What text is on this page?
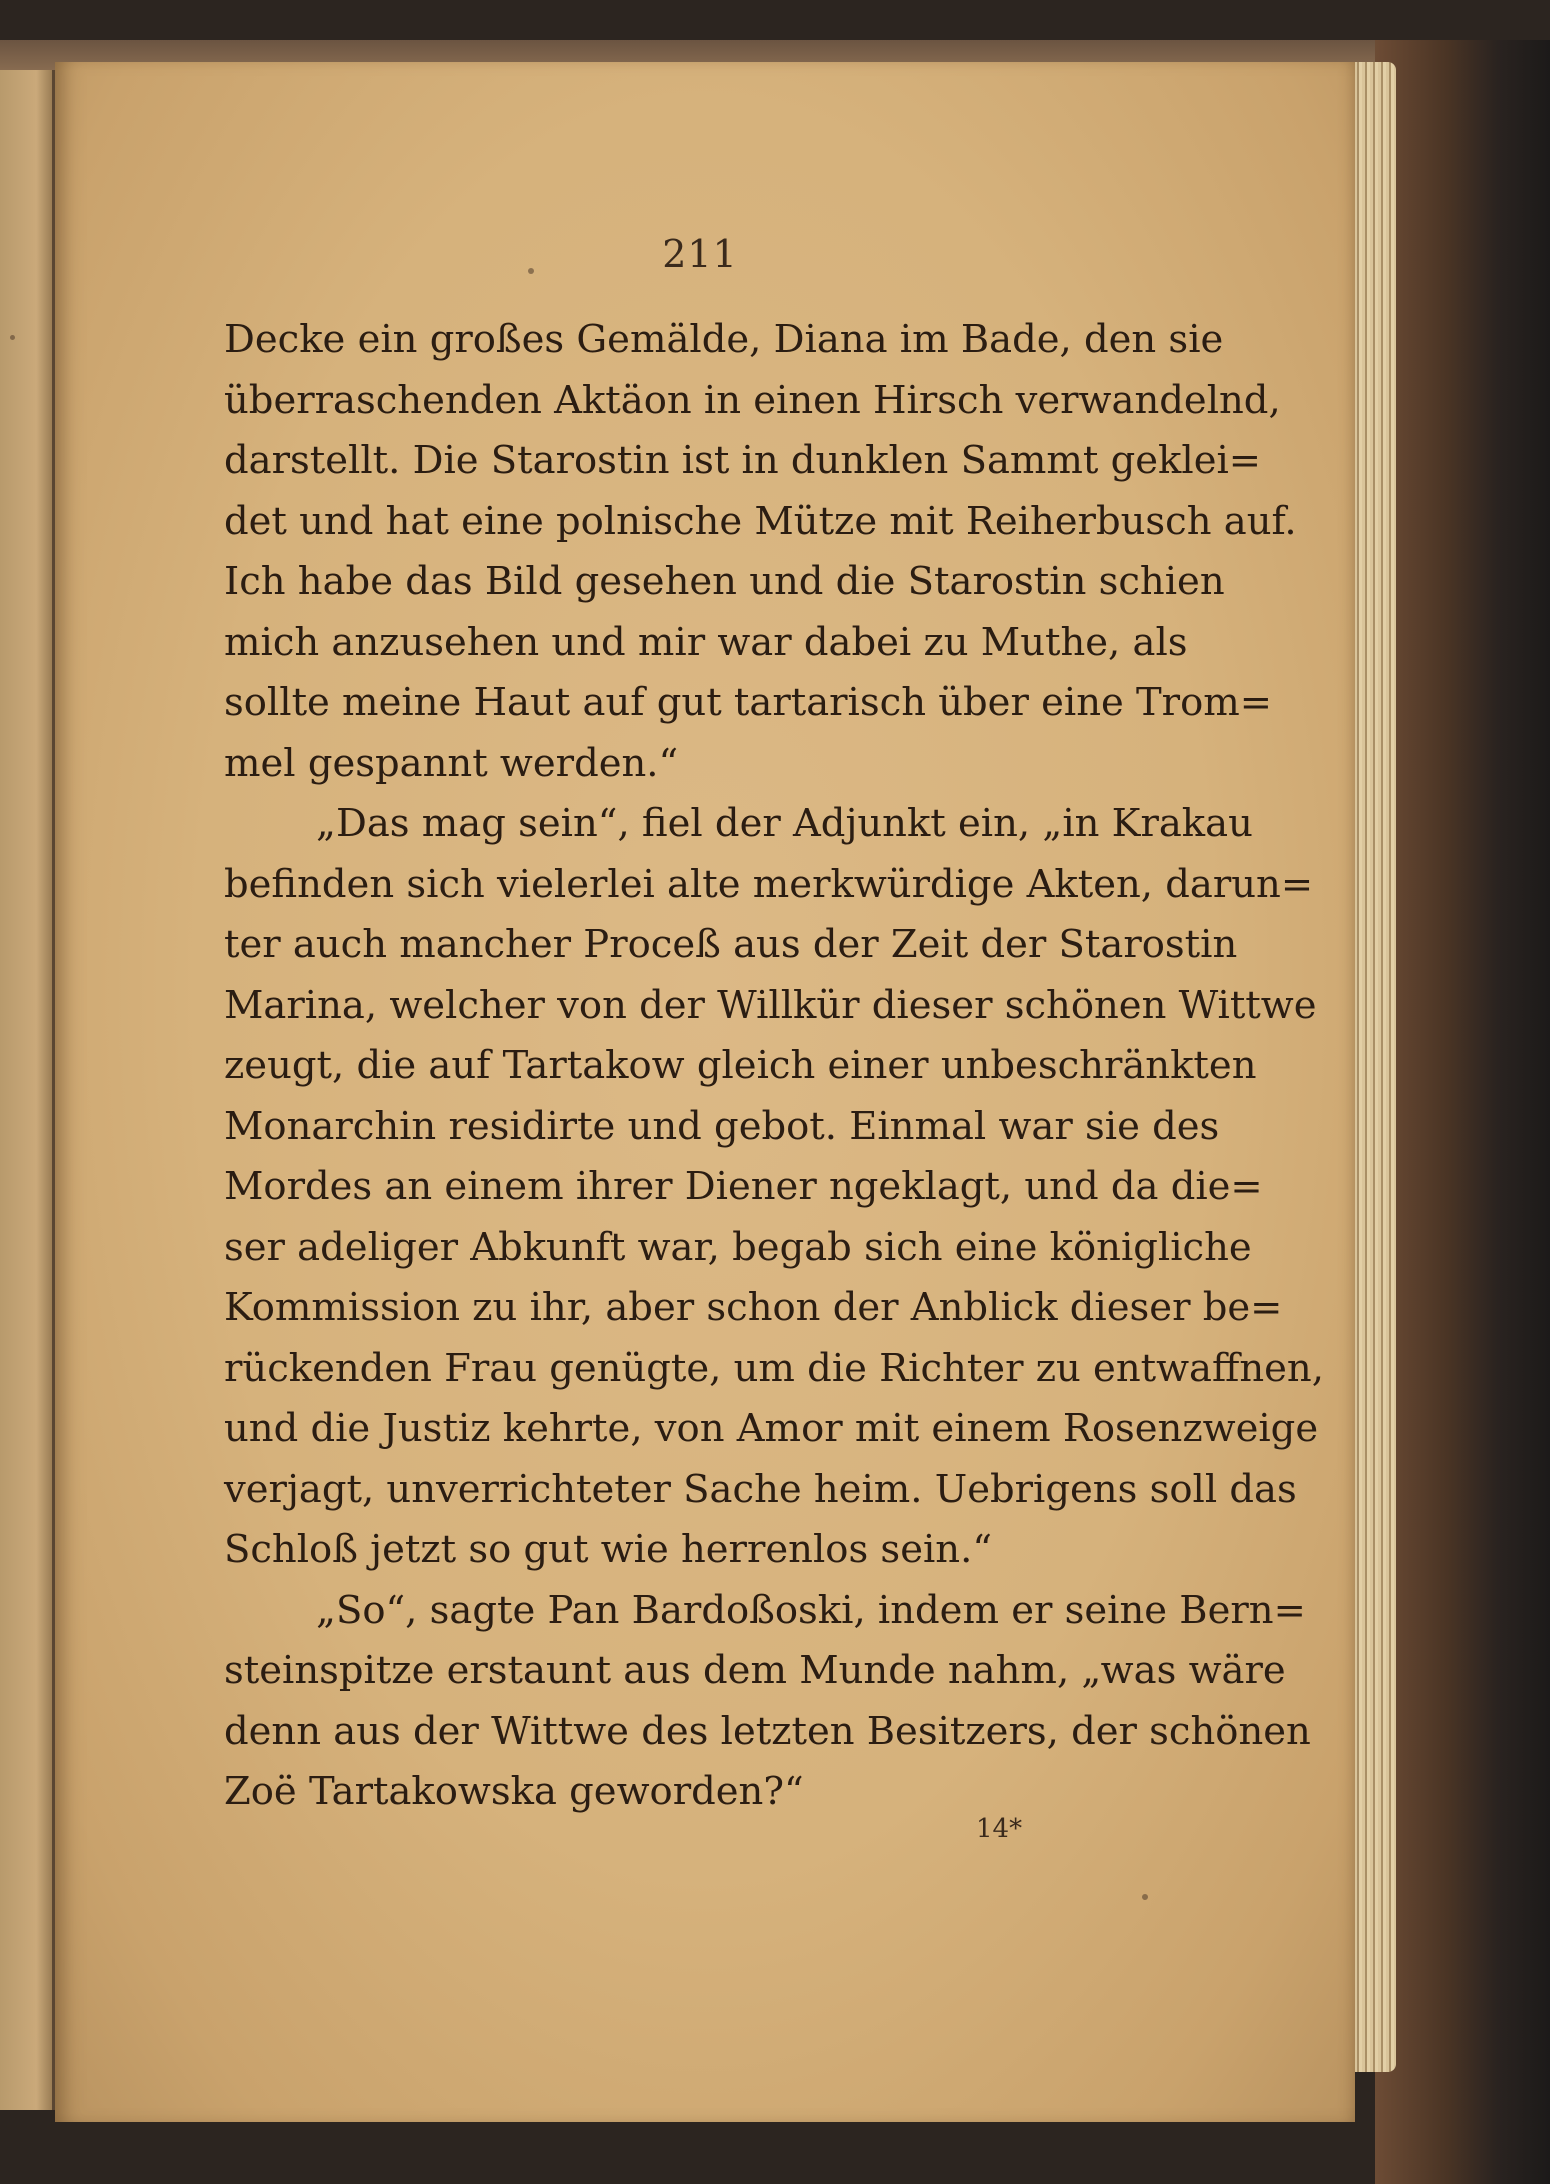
211
Decke ein großes Gemälde, Diana im Bade, den sie
überraschenden Aktäon in einen Hirsch verwandelnd,
darstellt. Die Starostin ist in dunklen Sammt geklei=
det und hat eine polnische Mütze mit Reiherbusch auf.
Ich habe das Bild gesehen und die Starostin schien
mich anzusehen und mir war dabei zu Muthe, als
sollte meine Haut auf gut tartarisch über eine Trom=
mel gespannt werden.“
„Das mag sein“, fiel der Adjunkt ein, „in Krakau
befinden sich vielerlei alte merkwürdige Akten, darun=
ter auch mancher Proceß aus der Zeit der Starostin
Marina, welcher von der Willkür dieser schönen Wittwe
zeugt, die auf Tartakow gleich einer unbeschränkten
Monarchin residirte und gebot. Einmal war sie des
Mordes an einem ihrer Diener ngeklagt, und da die=
ser adeliger Abkunft war, begab sich eine königliche
Kommission zu ihr, aber schon der Anblick dieser be=
rückenden Frau genügte, um die Richter zu entwaffnen,
und die Justiz kehrte, von Amor mit einem Rosenzweige
verjagt, unverrichteter Sache heim. Uebrigens soll das
Schloß jetzt so gut wie herrenlos sein.“
„So“, sagte Pan Bardoßoski, indem er seine Bern=
steinspitze erstaunt aus dem Munde nahm, „was wäre
denn aus der Wittwe des letzten Besitzers, der schönen
Zoë Tartakowska geworden?“
14*
